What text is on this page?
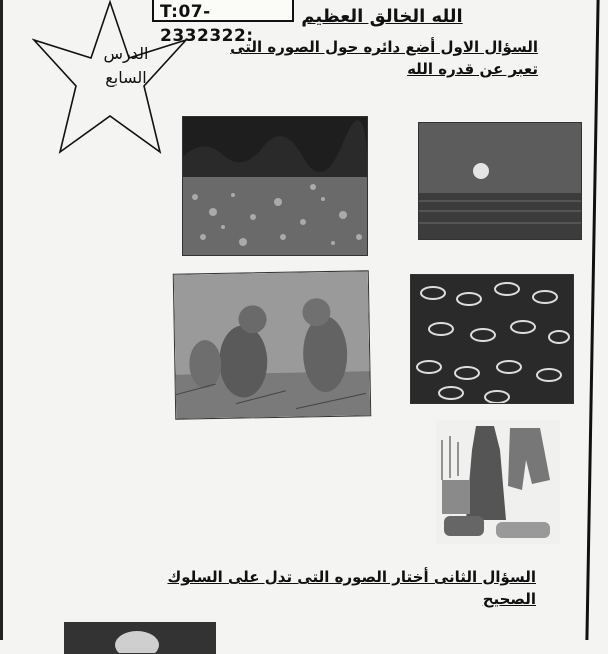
T:07-2332322:
الدرس
السابع
الله الخالق العظيم
السؤال الاول أضع دائره حول الصوره التى تعبر عن قدره الله
السؤال الثانى أختار الصوره التى تدل على السلوك الصحيح
